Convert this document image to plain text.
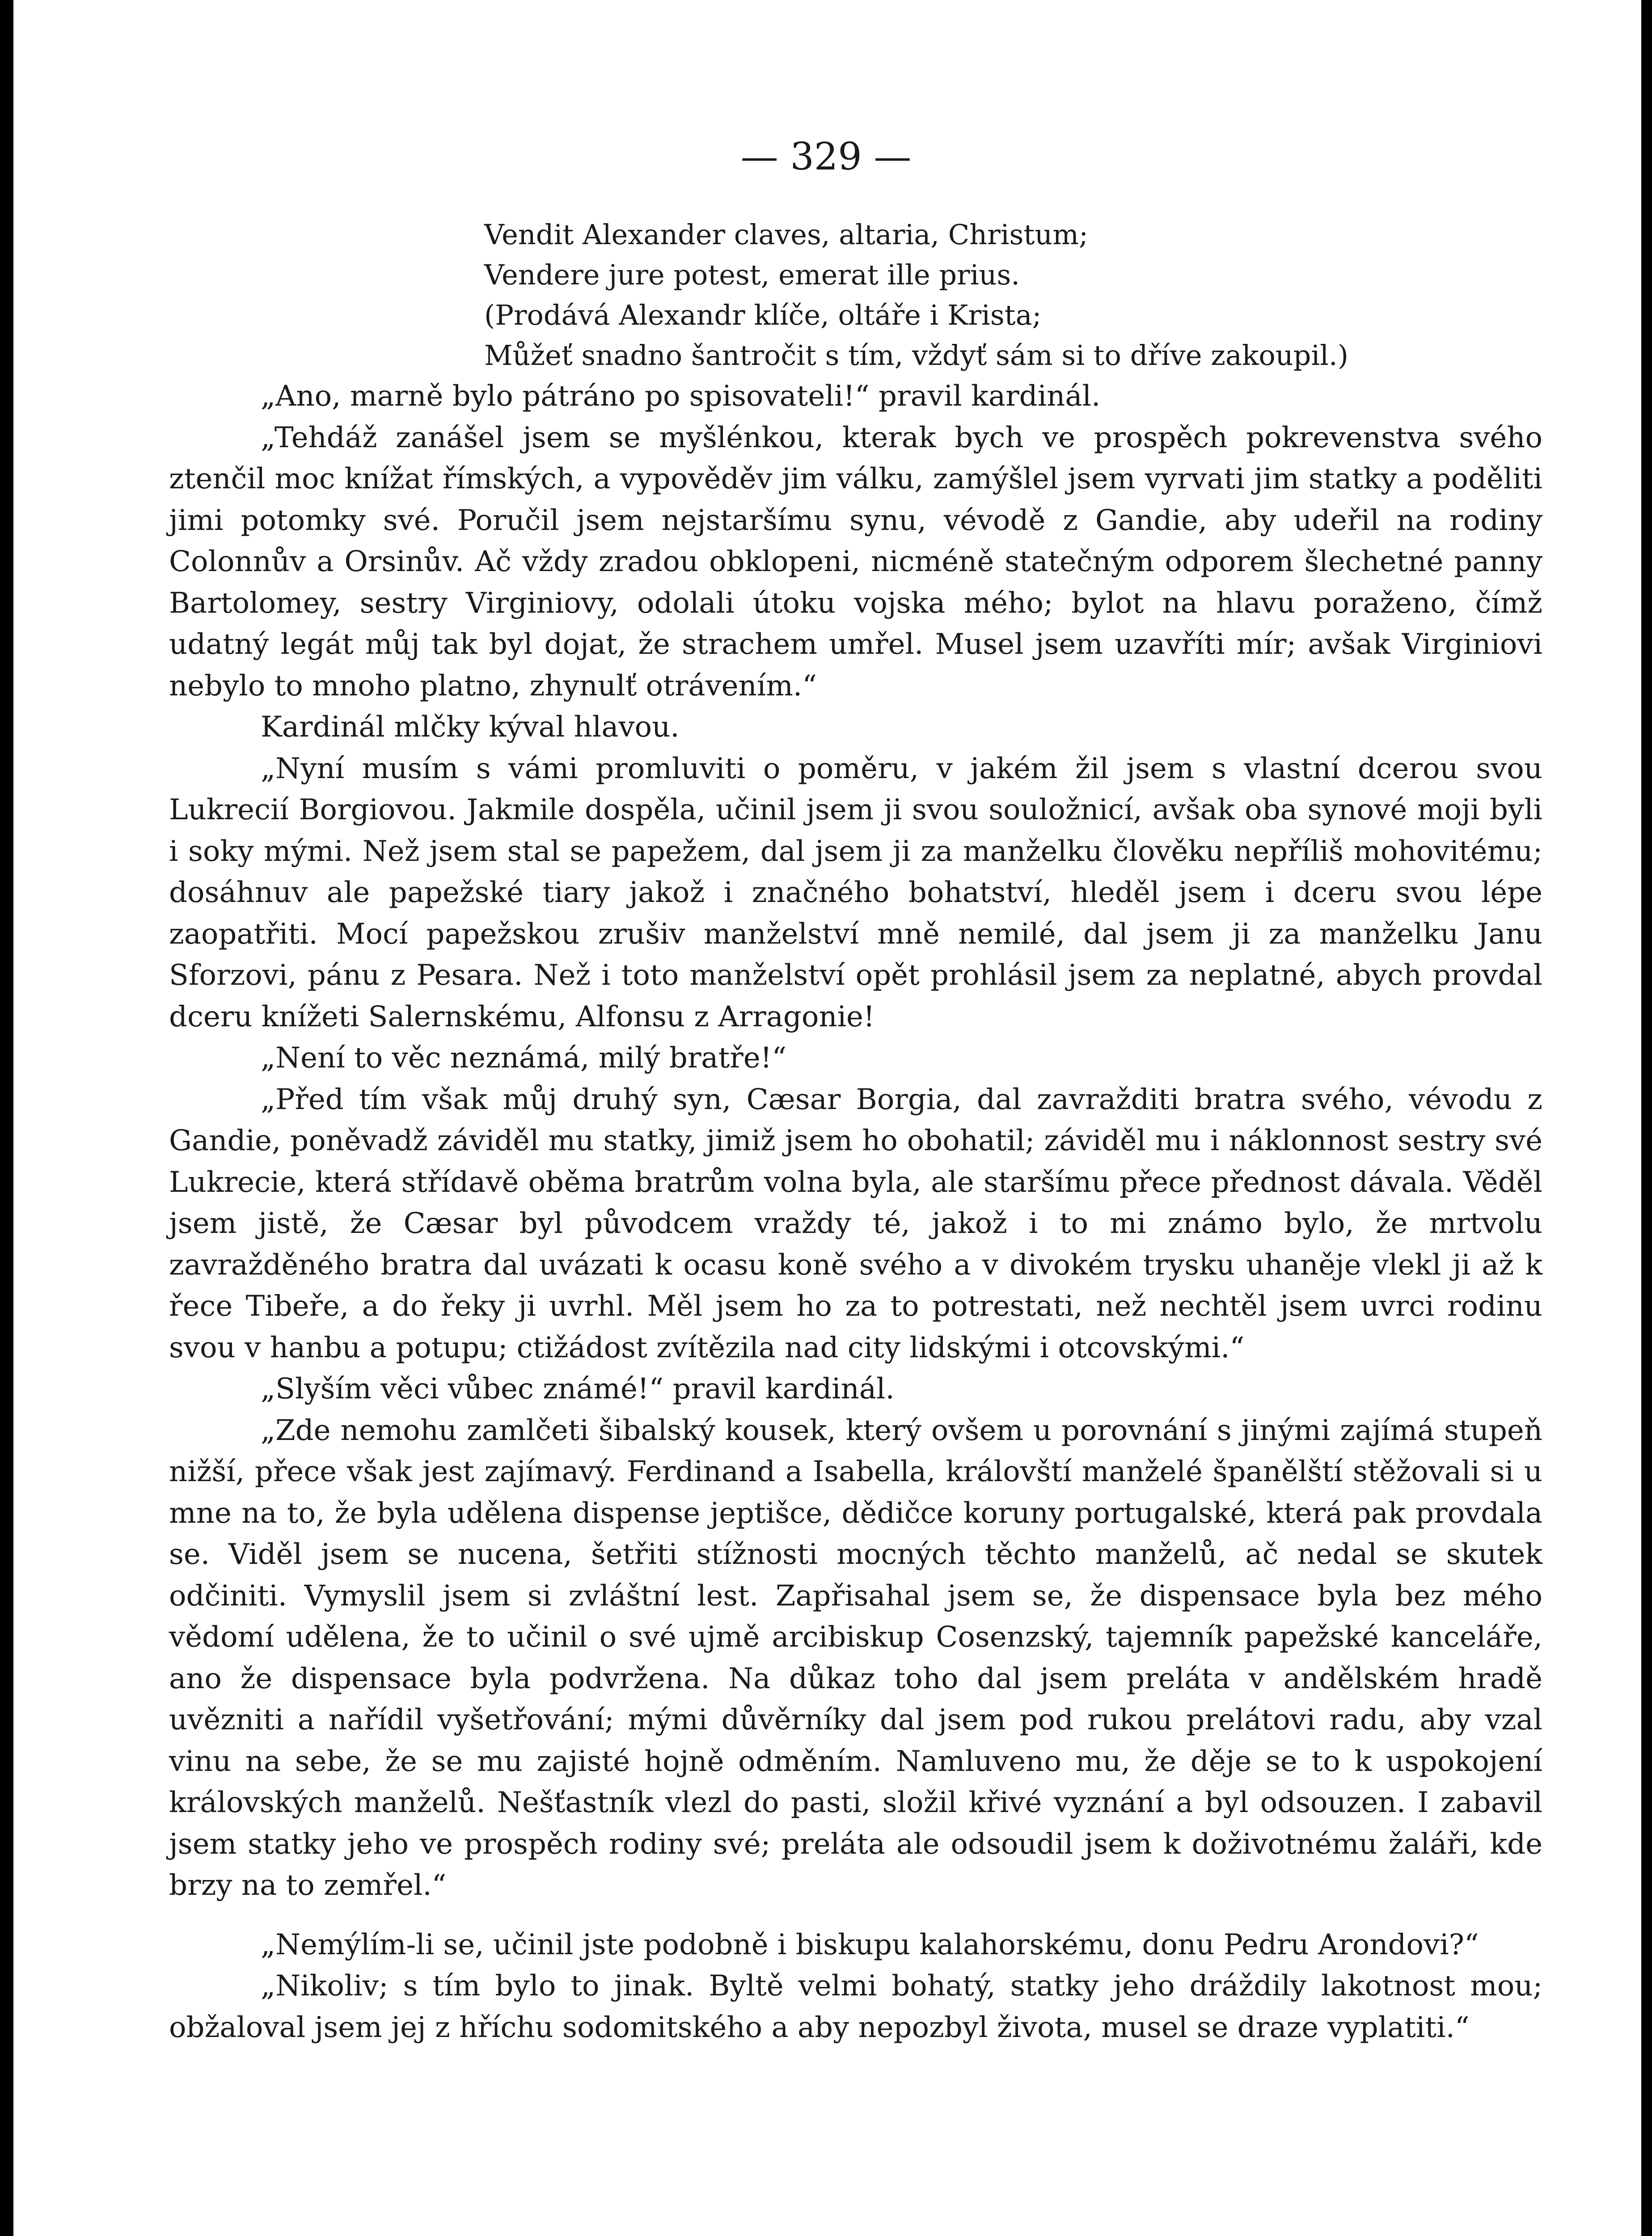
— 329 —
Vendit Alexander claves, altaria, Christum;
Vendere jure potest, emerat ille prius.
(Prodává Alexandr klíče, oltáře i Krista;
Můžeť snadno šantročit s tím, vždyť sám si to dříve zakoupil.)

„Ano, marně bylo pátráno po spisovateli!“ pravil kardinál.

„Tehdáž zanášel jsem se myšlénkou, kterak bych ve prospěch pokrevenstva svého ztenčil moc knížat římských, a vypověděv jim válku, zamýšlel jsem vyrvati jim statky a poděliti jimi potomky své. Poručil jsem nejstaršímu synu, vévodě z Gandie, aby udeřil na rodiny Colonnův a Orsinův. Ač vždy zradou obklopeni, nicméně statečným odporem šlechetné panny Bartolomey, sestry Virginiovy, odolali útoku vojska mého; bylot na hlavu poraženo, čímž udatný legát můj tak byl dojat, že strachem umřel. Musel jsem uzavříti mír; avšak Virginiovi nebylo to mnoho platno, zhynulť otrávením.“

Kardinál mlčky kýval hlavou.

„Nyní musím s vámi promluviti o poměru, v jakém žil jsem s vlastní dcerou svou Lukrecií Borgiovou. Jakmile dospěla, učinil jsem ji svou souložnicí, avšak oba synové moji byli i soky mými. Než jsem stal se papežem, dal jsem ji za manželku člověku nepříliš mohovitému; dosáhnuv ale papežské tiary jakož i značného bohatství, hleděl jsem i dceru svou lépe zaopatřiti. Mocí papežskou zrušiv manželství mně nemilé, dal jsem ji za manželku Janu Sforzovi, pánu z Pesara. Než i toto manželství opět prohlásil jsem za neplatné, abych provdal dceru knížeti Salernskému, Alfonsu z Arragonie!

„Není to věc neznámá, milý bratře!“

„Před tím však můj druhý syn, Cæsar Borgia, dal zavražditi bratra svého, vévodu z Gandie, poněvadž záviděl mu statky, jimiž jsem ho obohatil; záviděl mu i náklonnost sestry své Lukrecie, která střídavě oběma bratrům volna byla, ale staršímu přece přednost dávala. Věděl jsem jistě, že Cæsar byl původcem vraždy té, jakož i to mi známo bylo, že mrtvolu zavražděného bratra dal uvázati k ocasu koně svého a v divokém trysku uhaněje vlekl ji až k řece Tibeře, a do řeky ji uvrhl. Měl jsem ho za to potrestati, než nechtěl jsem uvrci rodinu svou v hanbu a potupu; ctižádost zvítězila nad city lidskými i otcovskými.“

„Slyším věci vůbec známé!“ pravil kardinál.

„Zde nemohu zamlčeti šibalský kousek, který ovšem u porovnání s jinými zajímá stupeň nižší, přece však jest zajímavý. Ferdinand a Isabella, královští manželé španělští stěžovali si u mne na to, že byla udělena dispense jeptišce, dědičce koruny portugalské, která pak provdala se. Viděl jsem se nucena, šetřiti stížnosti mocných těchto manželů, ač nedal se skutek odčiniti. Vymyslil jsem si zvláštní lest. Zapřisahal jsem se, že dispensace byla bez mého vědomí udělena, že to učinil o své ujmě arcibiskup Cosenzský, tajemník papežské kanceláře, ano že dispensace byla podvržena. Na důkaz toho dal jsem preláta v andělském hradě uvězniti a nařídil vyšetřování; mými důvěrníky dal jsem pod rukou prelátovi radu, aby vzal vinu na sebe, že se mu zajisté hojně odměním. Namluveno mu, že děje se to k uspokojení královských manželů. Nešťastník vlezl do pasti, složil křivé vyznání a byl odsouzen. I zabavil jsem statky jeho ve prospěch rodiny své; preláta ale odsoudil jsem k doživotnému žaláři, kde brzy na to zemřel.“

„Nemýlím-li se, učinil jste podobně i biskupu kalahorskému, donu Pedru Arondovi?“

„Nikoliv; s tím bylo to jinak. Byltě velmi bohatý, statky jeho dráždily lakotnost mou; obžaloval jsem jej z hříchu sodomitského a aby nepozbyl života, musel se draze vyplatiti.“
